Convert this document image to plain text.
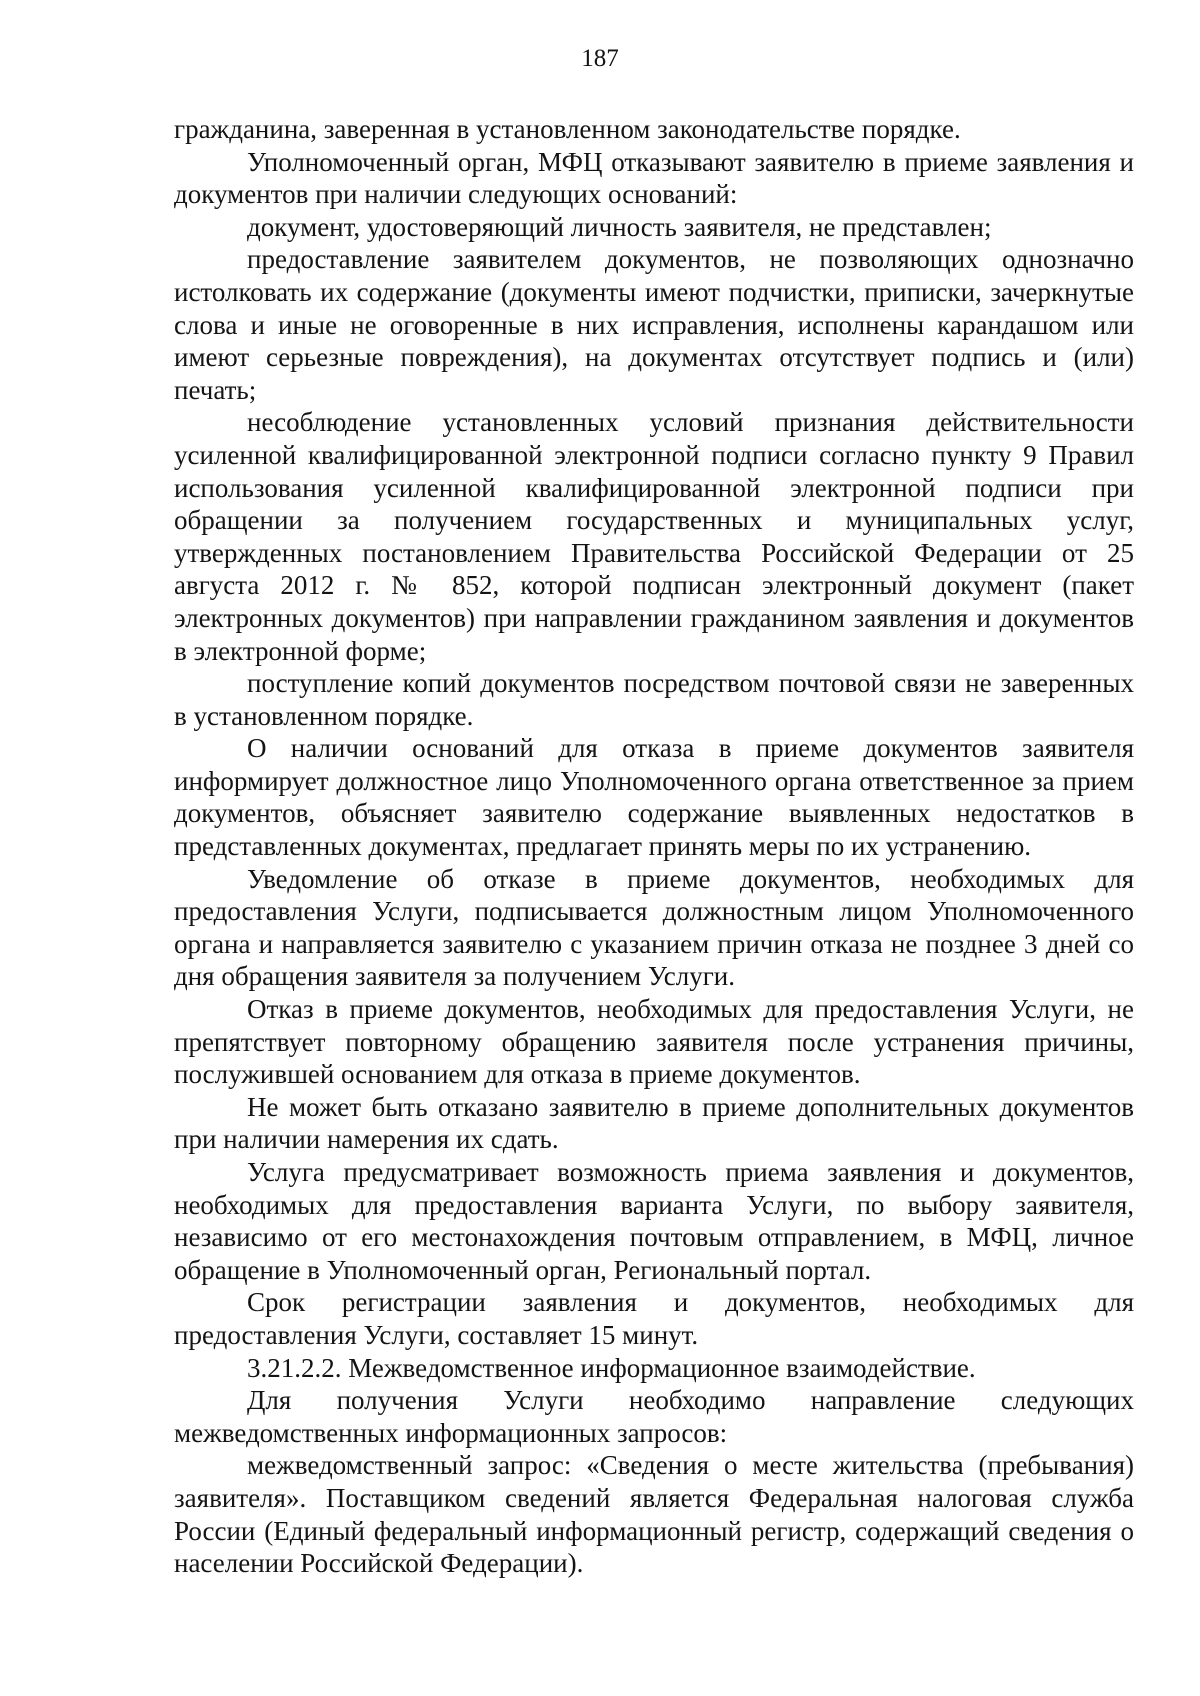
187

гражданина, заверенная в установленном законодательстве порядке.

Уполномоченный орган, МФЦ отказывают заявителю в приеме заявления и документов при наличии следующих оснований:

документ, удостоверяющий личность заявителя, не представлен;

предоставление заявителем документов, не позволяющих однозначно истолковать их содержание (документы имеют подчистки, приписки, зачеркнутые слова и иные не оговоренные в них исправления, исполнены карандашом или имеют серьезные повреждения), на документах отсутствует подпись и (или) печать;

несоблюдение установленных условий признания действительности усиленной квалифицированной электронной подписи согласно пункту 9 Правил использования усиленной квалифицированной электронной подписи при обращении за получением государственных и муниципальных услуг, утвержденных постановлением Правительства Российской Федерации от 25 августа 2012 г. № 852, которой подписан электронный документ (пакет электронных документов) при направлении гражданином заявления и документов в электронной форме;

поступление копий документов посредством почтовой связи не заверенных в установленном порядке.

О наличии оснований для отказа в приеме документов заявителя информирует должностное лицо Уполномоченного органа ответственное за прием документов, объясняет заявителю содержание выявленных недостатков в представленных документах, предлагает принять меры по их устранению.

Уведомление об отказе в приеме документов, необходимых для предоставления Услуги, подписывается должностным лицом Уполномоченного органа и направляется заявителю с указанием причин отказа не позднее 3 дней со дня обращения заявителя за получением Услуги.

Отказ в приеме документов, необходимых для предоставления Услуги, не препятствует повторному обращению заявителя после устранения причины, послужившей основанием для отказа в приеме документов.

Не может быть отказано заявителю в приеме дополнительных документов при наличии намерения их сдать.

Услуга предусматривает возможность приема заявления и документов, необходимых для предоставления варианта Услуги, по выбору заявителя, независимо от его местонахождения почтовым отправлением, в МФЦ, личное обращение в Уполномоченный орган, Региональный портал.

Срок регистрации заявления и документов, необходимых для предоставления Услуги, составляет 15 минут.

3.21.2.2. Межведомственное информационное взаимодействие.

Для получения Услуги необходимо направление следующих межведомственных информационных запросов:

межведомственный запрос: «Сведения о месте жительства (пребывания) заявителя». Поставщиком сведений является Федеральная налоговая служба России (Единый федеральный информационный регистр, содержащий сведения о населении Российской Федерации).
